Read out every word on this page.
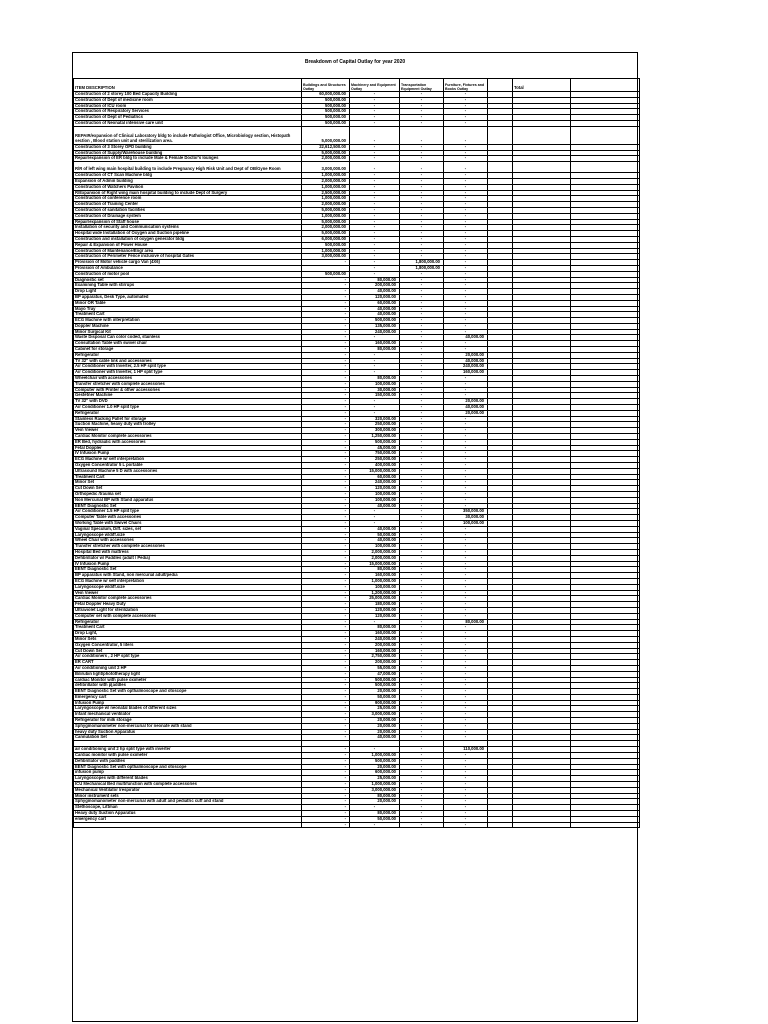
Breakdown of Capital Outlay for year 2020
ITEM DESCRIPTION	Buildings and Structures Outlay	Machinery and Equipment Outlay	Transportation Equipment Outlay	Furniture, Fixtures and Books Outlay		Total	
Construction of 2 storey 100 Bed Capacity Building	60,000,000.00	-	-	-			
Construction of Dept of medicine room	500,000.00	-	-	-			
Construction of ICU room	500,000.00	-	-	-			
Construction of Respiratory Services	500,000.00	-	-	-			
Construction of Dept of Pediatrics	500,000.00	-	-	-			
Construction of Neonatal intensive care unit	500,000.00	-	-	-			
REPAIR/expansion of Clinical Laboratory bldg to include Pathologist Office, Microbiology section, Histopath section , Blood station unit and sterilization area.	5,000,000.00	-	-	-			
Construction of 3 Storey OPD building	22,612,500.00	-	-	-			
Construction of Supply/Warehouse building	5,000,000.00	-	-	-			
Repair/expansion of ER bldg to include Male & Female Doctor's lounges	2,000,000.00	-	-	-			
R/R of left wing main hospital building to include Pregnancy High Risk Unit and Dept of OB/Gyne Room	3,000,000.00	-	-	-			
Construction of CT Scan Machine bldg	1,000,000.00	-	-	-			
Expansion of Admin building	2,000,000.00	-	-	-			
Construction of Watchers Pavilion	1,000,000.00	-	-	-			
R/Expansion of Right wing main hospital building to include Dept of Surgery	2,500,000.00	-	-	-			
Construction of conference room	1,000,000.00	-	-	-			
Construction of Training Center	2,000,000.00	-	-	-			
Construction of sanitation facilities	5,000,000.00	-	-	-			
Construction of Drainage system	1,000,000.00	-	-	-			
Repair/expansion of Staff house	5,000,000.00	-	-	-			
Installation of security and Communication systems	2,000,000.00	-	-	-			
Hospital wide Installation of Oxygen and Suction pipeline	5,000,000.00	-	-	-			
Construction and installation of oxygen generator bldg	6,000,000.00	-	-	-			
Repair & Expansion of Power House	500,000.00	-	-	-			
Construction of Maintenance/Engr area	1,000,000.00	-	-	-			
Construction of Perimeter Fence inclusive of hospital Gates	3,000,000.00	-	-	-			
Provision of Motor vehicle cargo Van (4X6)	-	-	1,800,000.00	-			
Provision of Ambulance		-	1,800,000.00	-			
Construction of motor pool	500,000.00	-	-	-			
Diagnostic set	-	80,000.00	-	-			
Examining Table with stirrups	-	200,000.00	-	-			
Drop Light	-	40,000.00	-	-			
BP apparatus, Desk Type, automated	-	120,000.00	-	-			
Minor OR Table	-	60,000.00	-	-			
Mayo Tray	-	40,000.00	-	-			
Treatment Cart	-	40,000.00	-	-			
ECG Machine with interpretation	-	500,000.00	-	-			
Doppler Machine	-	135,000.00	-	-			
Minor Surgical Kit	-	240,000.00	-	-			
Waste Disposal Can color coded, stainless	-	-	-	40,000.00			
Consultation Table with swivel chair	-	160,000.00	-	-			
Cabinet for storage	-	80,000.00	-	-			
Refrigerator	-	-	-	20,000.00			
TV 32" with cable link and accessories	-	-	-	40,000.00			
Air Conditioner with Inverter, 2.5 HP split type	-	-	-	240,000.00			
Air Conditioner with Inverter, 1 HP split type	-	-	-	160,000.00			
Wheelchair with accessories	-	80,000.00	-	-			
Transfer stretcher with complete accessories	-	100,000.00	-	-			
Computer with Printer & other accessories	-	30,000.00	-	-			
Gestetner Machine	-	150,000.00	-	-			
TV 32" with DVD	-	-	-	20,000.00			
Air Conditioner 1.0 HP split type	-	-	-	40,000.00			
Refrigerator	-	-	-	20,000.00			
Stainless Racking Pallet for storage	-	320,000.00	-	-			
Suction Machine, heavy duty with trolley	-	250,000.00	-	-			
Vein Viewer	-	300,000.00	-	-			
Cardiac Monitor complete accessories	-	1,250,000.00	-	-			
ER Bed, hydraulic with accessories	-	500,000.00	-	-			
Fetal Doppler	-	45,000.00	-	-			
IV Infusion Pump	-	750,000.00	-	-			
ECG Machine w/ self interpretation	-	250,000.00	-	-			
Oxygen Concentrator 5 L portable	-	400,000.00	-	-			
Ultrasound Machine 5 D with accessories	-	15,000,000.00	-	-			
Treatment Cart	-	60,000.00	-	-			
Minor Set	-	240,000.00	-	-			
Cut Down Set	-	120,000.00	-	-			
Orthopedic /trauma set	-	100,000.00	-	-			
Non Mercurial BP with Stand apparatus	-	100,000.00	-	-			
EENT Diagnostic Set	-	40,000.00	-	-			
Air Conditioner 1.5 HP split type	-	-	-	350,000.00			
Computer Table with accessories	-	-	-	30,000.00			
Working Table with Swivel Chairs	-	-	-	100,000.00			
Vaginal Speculum, Diff. sizes, set	-	40,000.00	-	-			
Laryngoscope w/diff.size	-	50,000.00	-	-			
Wheel Chair with accessories	-	40,000.00	-	-			
Transfer stretcher with complete accessories	-	100,000.00	-	-			
Hospital Bed with mattress	-	2,000,000.00	-	-			
Defibrillator w/ Paddles (adult / Pedia)	-	2,000,000.00	-	-			
IV Infusion Pump	-	15,000,000.00	-	-			
EENT Diagnostic Set	-	80,000.00	-	-			
BP apparatus with Stand, non mercurial adult/pedia	-	160,000.00	-	-			
ECG Machine w/ self interpretation	-	1,000,000.00	-	-			
Laryngoscope w/diff.size	-	100,000.00	-	-			
Vein Viewer	-	1,200,000.00	-	-			
Cardiac Monitor complete accessories	-	25,000,000.00	-	-			
Fetal Doppler Heavy Duty	-	180,000.00	-	-			
Ultraviolet Light for sterilization	-	120,000.00	-	-			
Computer set with complete accessories	-	120,000.00	-	-			
Refrigerator	-	-	-	80,000.00			
Treatment Cart	-	80,000.00	-	-			
Drop Light,	-	160,000.00	-	-			
Minor Sets	-	240,000.00	-	-			
Oxygen Concentrator, 5 liters	-	200,000.00	-	-			
Cut Down Set	-	160,000.00	-	-			
Air conditioners , 2 HP split type	-	2,750,000.00	-	-			
ER CART	-	200,000.00	-	-			
Air conditioning unit 2 HP	-	55,000.00	-	-			
Bilirubin light/phototherapy light	-	47,000.00	-	-			
cardiac Monitor with pulse oximeter	-	500,000.00	-	-			
defibrillator with p[addles	-	500,000.00	-	-			
EENT Diagnostic Set with opthalmoscope and otoscope	-	20,000.00	-	-			
Emergency cart	-	50,000.00	-	-			
Infusion Pump	-	900,000.00	-	-			
Laryngoscope w/ neonatal blades of different sizes	-	25,000.00	-	-			
Infant mechanical ventilator	-	3,000,000.00	-	-			
Refrigerator for milk storage	-	20,000.00	-	-			
Sphygmomanometer non-mercurial for neonate with stand	-	20,000.00	-	-			
heavy duty Suction Apparatus	-	20,000.00	-	-			
Cannulation Set	-	40,000.00	-	-			

air conditioning unit 2 hp split type with inverter	-	-	-	110,000.00			
Cardiac monitor with pulse oximeter	-	1,000,000.00	-	-			
Defibrillator with paddles	-	500,000.00	-	-			
EENT Diagnostic Set with opthalmoscope and otoscope	-	20,000.00	-	-			
infusion pump	-	600,000.00	-	-			
Laryngoscopes with different blades	-	25,000.00	-	-			
ICU Mechanical Bed multifunction with complete accessories	-	1,000,000.00	-	-			
Mechanical Ventilator /respirator	-	3,000,000.00	-	-			
Minor instrument sets	-	80,000.00	-	-			
Sphygmomanometer non-mercurial with adult and pediatric cuff and stand	-	20,000.00	-	-			
Stethoscope, Littman	-	-	-	-			
Heavy duty Suction Apparatus	-	80,000.00	-	-			
emergency cart	-	50,000.00	-	-			
	-	-	-	-			
